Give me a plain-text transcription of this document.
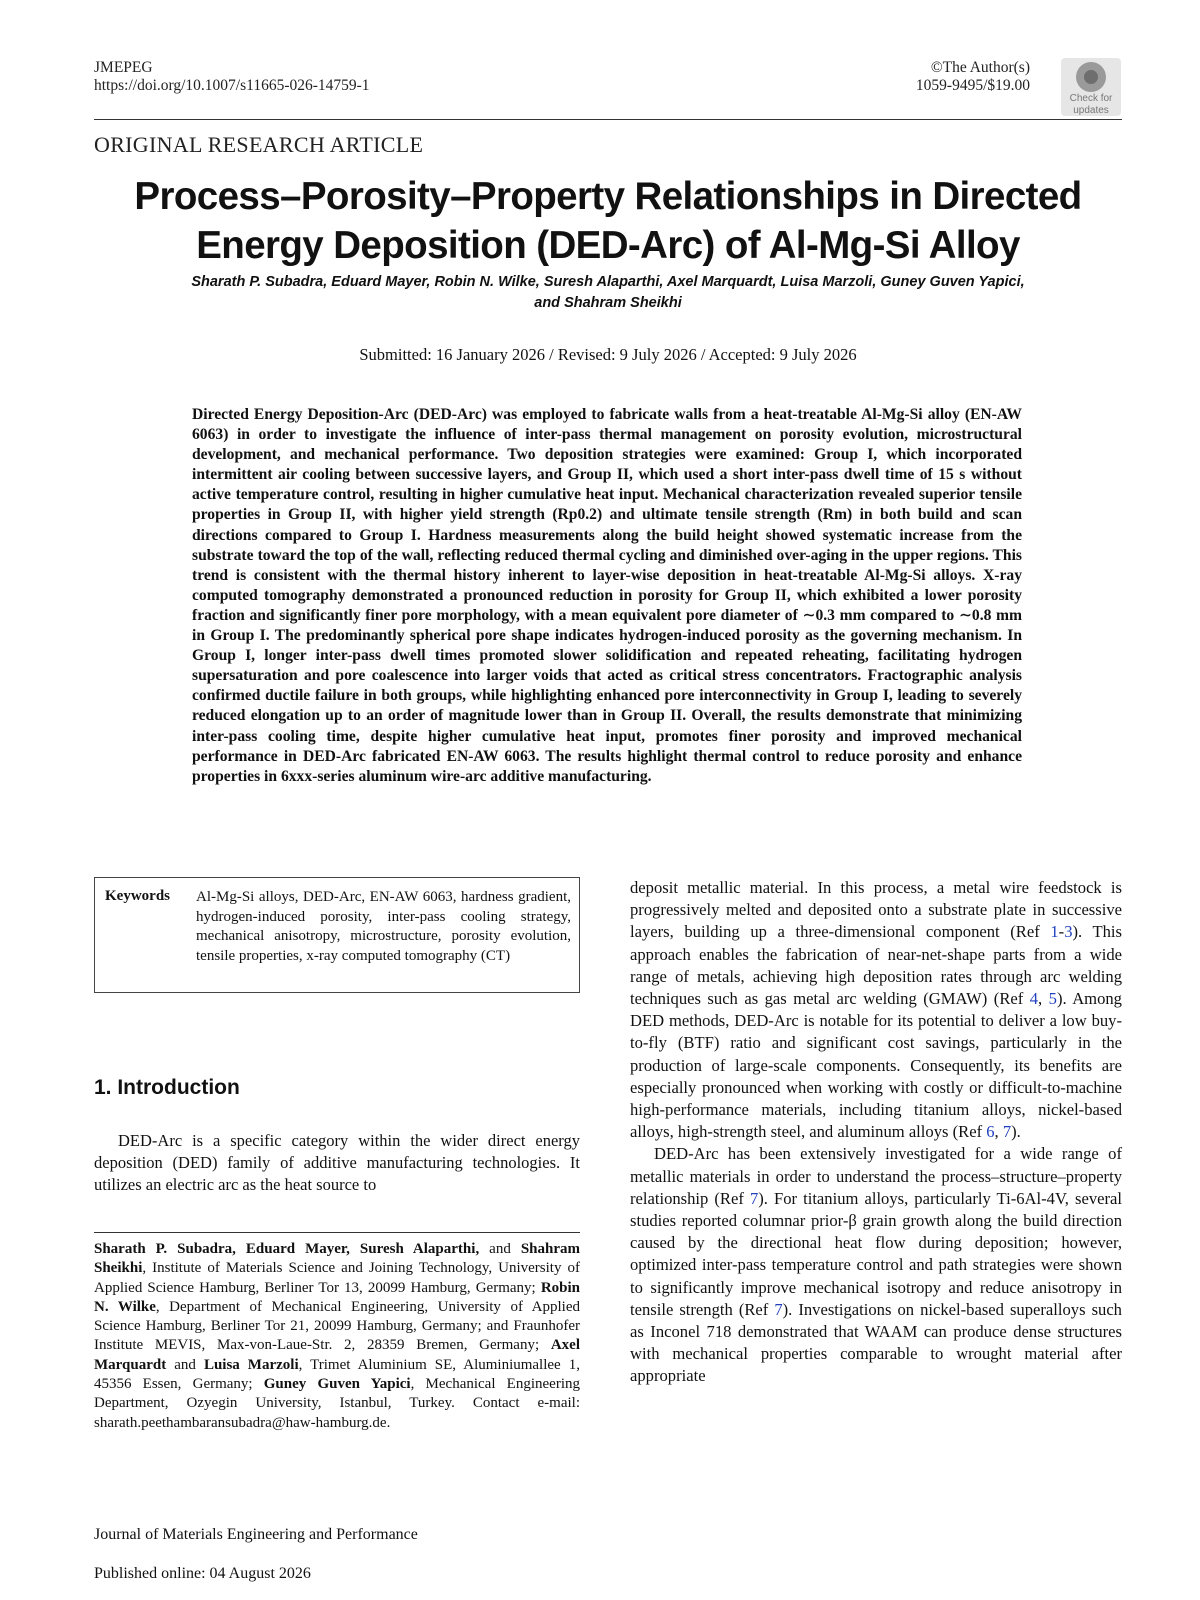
JMEPEG
https://doi.org/10.1007/s11665-026-14759-1
©The Author(s)
1059-9495/$19.00
Check for
updates
ORIGINAL RESEARCH ARTICLE
Process–Porosity–Property Relationships in Directed
Energy Deposition (DED-Arc) of Al-Mg-Si Alloy
Sharath P. Subadra, Eduard Mayer, Robin N. Wilke, Suresh Alaparthi, Axel Marquardt, Luisa Marzoli, Guney Guven Yapici,
and Shahram Sheikhi
Submitted: 16 January 2026 / Revised: 9 July 2026 / Accepted: 9 July 2026
Directed Energy Deposition-Arc (DED-Arc) was employed to fabricate walls from a heat-treatable Al-Mg-Si alloy (EN-AW 6063) in order to investigate the influence of inter-pass thermal management on porosity evolution, microstructural development, and mechanical performance. Two deposition strategies were examined: Group I, which incorporated intermittent air cooling between successive layers, and Group II, which used a short inter-pass dwell time of 15 s without active temperature control, resulting in higher cumulative heat input. Mechanical characterization revealed superior tensile properties in Group II, with higher yield strength (Rp0.2) and ultimate tensile strength (Rm) in both build and scan directions compared to Group I. Hardness measurements along the build height showed systematic increase from the substrate toward the top of the wall, reflecting reduced thermal cycling and diminished over-aging in the upper regions. This trend is consistent with the thermal history inherent to layer-wise deposition in heat-treatable Al-Mg-Si alloys. X-ray computed tomography demonstrated a pronounced reduction in porosity for Group II, which exhibited a lower porosity fraction and significantly finer pore morphology, with a mean equivalent pore diameter of ∼0.3 mm compared to ∼0.8 mm in Group I. The predominantly spherical pore shape indicates hydrogen-induced porosity as the governing mechanism. In Group I, longer inter-pass dwell times promoted slower solidification and repeated reheating, facilitating hydrogen supersaturation and pore coalescence into larger voids that acted as critical stress concentrators. Fractographic analysis confirmed ductile failure in both groups, while highlighting enhanced pore interconnectivity in Group I, leading to severely reduced elongation up to an order of magnitude lower than in Group II. Overall, the results demonstrate that minimizing inter-pass cooling time, despite higher cumulative heat input, promotes finer porosity and improved mechanical performance in DED-Arc fabricated EN-AW 6063. The results highlight thermal control to reduce porosity and enhance properties in 6xxx-series aluminum wire-arc additive manufacturing.
Keywords Al-Mg-Si alloys, DED-Arc, EN-AW 6063, hardness gradient, hydrogen-induced porosity, inter-pass cooling strategy, mechanical anisotropy, microstructure, porosity evolution, tensile properties, x-ray computed tomography (CT)
1. Introduction
DED-Arc is a specific category within the wider direct energy deposition (DED) family of additive manufacturing technologies. It utilizes an electric arc as the heat source to
Sharath P. Subadra, Eduard Mayer, Suresh Alaparthi, and Shahram Sheikhi, Institute of Materials Science and Joining Technology, University of Applied Science Hamburg, Berliner Tor 13, 20099 Hamburg, Germany; Robin N. Wilke, Department of Mechanical Engineering, University of Applied Science Hamburg, Berliner Tor 21, 20099 Hamburg, Germany; and Fraunhofer Institute MEVIS, Max-von-Laue-Str. 2, 28359 Bremen, Germany; Axel Marquardt and Luisa Marzoli, Trimet Aluminium SE, Aluminiumallee 1, 45356 Essen, Germany; Guney Guven Yapici, Mechanical Engineering Department, Ozyegin University, Istanbul, Turkey. Contact e-mail: sharath.peethambaransubadra@haw-hamburg.de.

deposit metallic material. In this process, a metal wire feedstock is progressively melted and deposited onto a substrate plate in successive layers, building up a three-dimensional component (Ref 1-3). This approach enables the fabrication of near-net-shape parts from a wide range of metals, achieving high deposition rates through arc welding techniques such as gas metal arc welding (GMAW) (Ref 4, 5). Among DED methods, DED-Arc is notable for its potential to deliver a low buy-to-fly (BTF) ratio and significant cost savings, particularly in the production of large-scale components. Consequently, its benefits are especially pronounced when working with costly or difficult-to-machine high-performance materials, including titanium alloys, nickel-based alloys, high-strength steel, and aluminum alloys (Ref 6, 7).

DED-Arc has been extensively investigated for a wide range of metallic materials in order to understand the process–structure–property relationship (Ref 7). For titanium alloys, particularly Ti-6Al-4V, several studies reported columnar prior-β grain growth along the build direction caused by the directional heat flow during deposition; however, optimized inter-pass temperature control and path strategies were shown to significantly improve mechanical isotropy and reduce anisotropy in tensile strength (Ref 7). Investigations on nickel-based superalloys such as Inconel 718 demonstrated that WAAM can produce dense structures with mechanical properties comparable to wrought material after appropriate

Journal of Materials Engineering and Performance
Published online: 04 August 2026
